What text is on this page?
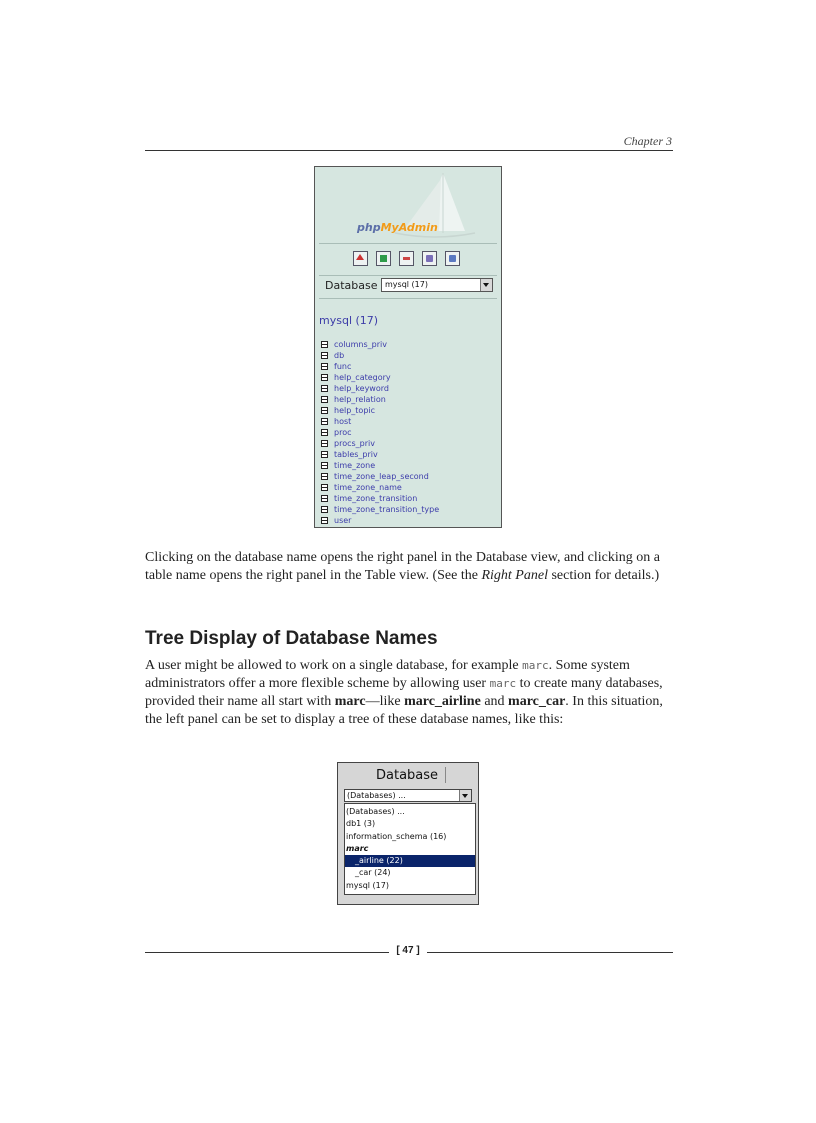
Chapter 3
phpMyAdmin
Database mysql (17)
mysql (17)
columns_priv
db
func
help_category
help_keyword
help_relation
help_topic
host
proc
procs_priv
tables_priv
time_zone
time_zone_leap_second
time_zone_name
time_zone_transition
time_zone_transition_type
user

Clicking on the database name opens the right panel in the Database view, and clicking on a table name opens the right panel in the Table view. (See the Right Panel section for details.)

Tree Display of Database Names

A user might be allowed to work on a single database, for example marc. Some system administrators offer a more flexible scheme by allowing user marc to create many databases, provided their name all start with marc—like marc_airline and marc_car. In this situation, the left panel can be set to display a tree of these database names, like this:

Database
(Databases) ...
(Databases) ...
db1 (3)
information_schema (16)
marc
_airline (22)
_car (24)
mysql (17)
[ 47 ]
